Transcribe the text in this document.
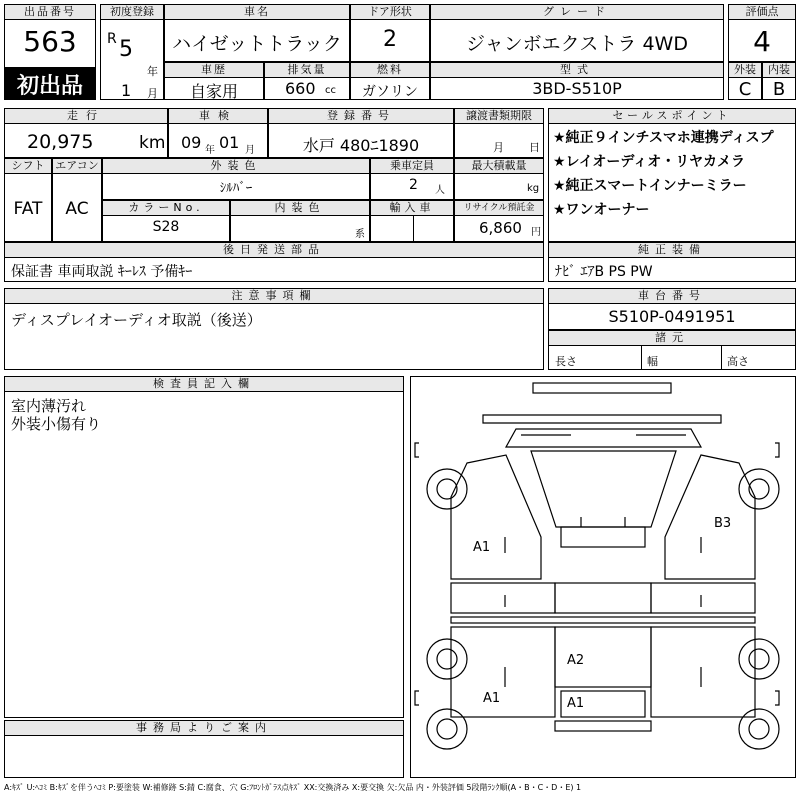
出品番号
563
初出品
初度登録
R 5
年
1 月
車名
ハイゼットトラック
ドア形状
2
グレード
ジャンボエクストラ 4WD
評価点
4
車歴
自家用
排気量
660 cc
燃料
ガソリン
型式
3BD-S510P
外装
C
内装
B
走行
20,975	km
車検
09 年 01 月
登録番号
水戸 480ﾆ1890
譲渡書類期限
月 日
シフト
FAT
エアコン
AC
外装色
ｼﾙﾊﾞｰ
乗車定員
2 人
最大積載量
kg
カラーNo.
S28
内装色
系
輸入車	リサイクル預託金
6,860 円
セールスポイント
★純正９インチスマホ連携ディスプ
★レイオーディオ・リヤカメラ
★純正スマートインナーミラー
★ワンオーナー
後日発送部品
保証書 車両取説 ｷｰﾚｽ 予備ｷｰ
純正装備
ﾅﾋﾞ ｴｱB PS PW
注意事項欄
ディスプレイオーディオ取説（後送）
車台番号
S510P-0491951
諸元
長さ	幅	高さ
検査員記入欄
室内薄汚れ
外装小傷有り
事務局よりご案内
A1
B3
A2
A1	A1
A:ｷｽﾞ U:ﾍｺﾐ B:ｷｽﾞを伴うﾍｺﾐ P:要塗装 W:補修跡 S:錆 C:腐食、穴 G:ﾌﾛﾝﾄｶﾞﾗｽ点ｷｽﾞ XX:交換済み X:要交換 欠:欠品 内・外装評価 5段階ﾗﾝｸ順(A・B・C・D・E) 1
